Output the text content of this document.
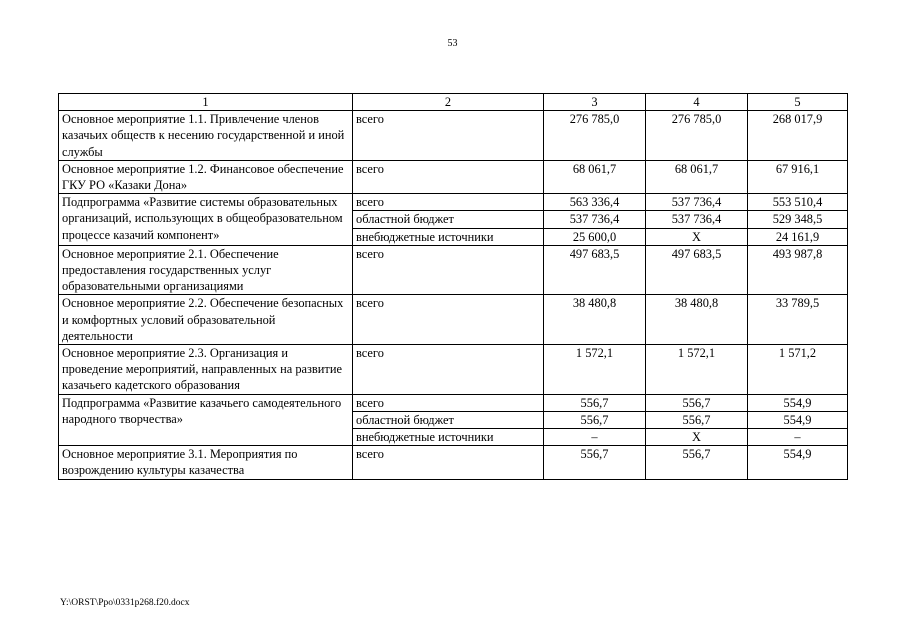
53
1	2	3	4	5
Основное мероприятие 1.1. Привлечение членов казачьих обществ к несению государственной и иной службы	всего	276 785,0	276 785,0	268 017,9
Основное мероприятие 1.2. Финансовое обеспечение ГКУ РО «Казаки Дона»	всего	68 061,7	68 061,7	67 916,1
Подпрограмма «Развитие системы образовательных организаций, использующих в общеобразовательном процессе казачий компонент»	всего	563 336,4	537 736,4	553 510,4
	областной бюджет	537 736,4	537 736,4	529 348,5
	внебюджетные источники	25 600,0	Х	24 161,9
Основное мероприятие 2.1. Обеспечение предоставления государственных услуг образовательными организациями	всего	497 683,5	497 683,5	493 987,8
Основное мероприятие 2.2. Обеспечение безопасных и комфортных условий образовательной деятельности	всего	38 480,8	38 480,8	33 789,5
Основное мероприятие 2.3. Организация и проведение мероприятий, направленных на развитие казачьего кадетского образования	всего	1 572,1	1 572,1	1 571,2
Подпрограмма «Развитие казачьего самодеятельного народного творчества»	всего	556,7	556,7	554,9
	областной бюджет	556,7	556,7	554,9
	внебюджетные источники	–	Х	–
Основное мероприятие 3.1. Мероприятия по возрождению культуры казачества	всего	556,7	556,7	554,9
Y:\ORST\Ppo\0331p268.f20.docx
